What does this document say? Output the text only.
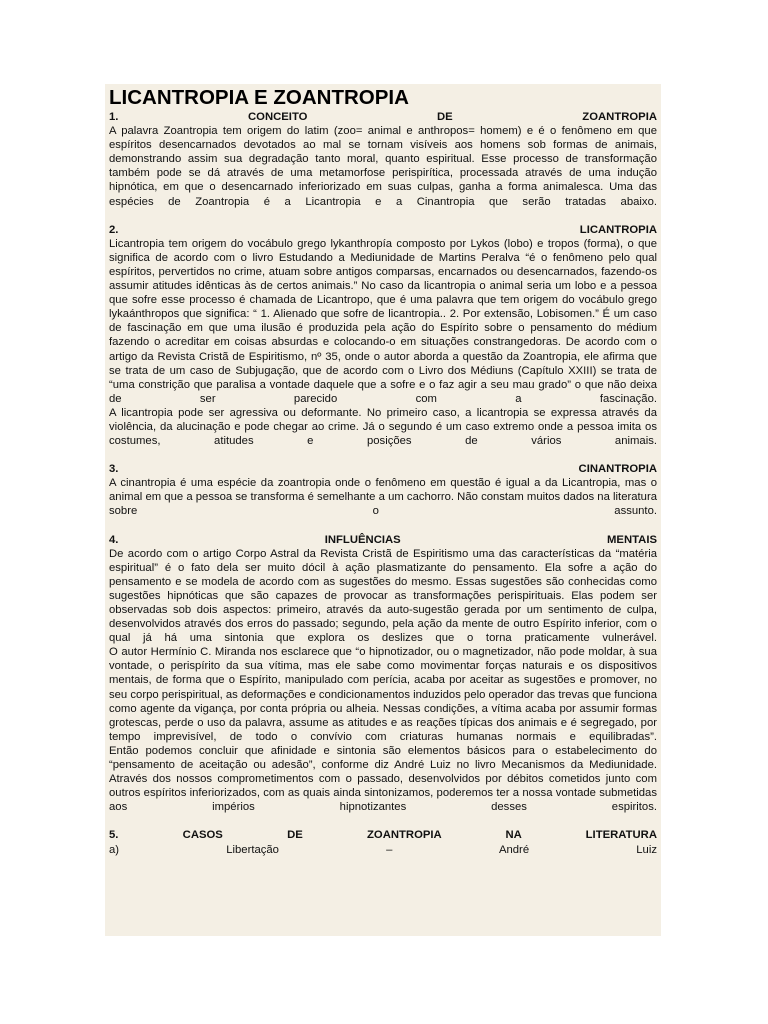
LICANTROPIA E ZOANTROPIA

1. CONCEITO DE ZOANTROPIA

A palavra Zoantropia tem origem do latim (zoo= animal e anthropos= homem) e é o fenômeno em que espíritos desencarnados devotados ao mal se tornam visíveis aos homens sob formas de animais, demonstrando assim sua degradação tanto moral, quanto espiritual. Esse processo de transformação também pode se dá através de uma metamorfose perispirítica, processada através de uma indução hipnótica, em que o desencarnado inferiorizado em suas culpas, ganha a forma animalesca. Uma das espécies de Zoantropia é a Licantropia e a Cinantropia que serão tratadas abaixo.

2. LICANTROPIA

Licantropia tem origem do vocábulo grego lykanthropía composto por Lykos (lobo) e tropos (forma), o que significa de acordo com o livro Estudando a Mediunidade de Martins Peralva “é o fenômeno pelo qual espíritos, pervertidos no crime, atuam sobre antigos comparsas, encarnados ou desencarnados, fazendo-os assumir atitudes idênticas às de certos animais.” No caso da licantropia o animal seria um lobo e a pessoa que sofre esse processo é chamada de Licantropo, que é uma palavra que tem origem do vocábulo grego lykaánthropos que significa: “ 1. Alienado que sofre de licantropia.. 2. Por extensão, Lobisomen.” É um caso de fascinação em que uma ilusão é produzida pela ação do Espírito sobre o pensamento do médium fazendo o acreditar em coisas absurdas e colocando-o em situações constrangedoras. De acordo com o artigo da Revista Cristã de Espiritismo, nº 35, onde o autor aborda a questão da Zoantropia, ele afirma que se trata de um caso de Subjugação, que de acordo com o Livro dos Médiuns (Capítulo XXIII) se trata de “uma constrição que paralisa a vontade daquele que a sofre e o faz agir a seu mau grado” o que não deixa de ser parecido com a fascinação.

A licantropia pode ser agressiva ou deformante. No primeiro caso, a licantropia se expressa através da violência, da alucinação e pode chegar ao crime. Já o segundo é um caso extremo onde a pessoa imita os costumes, atitudes e posições de vários animais.

3. CINANTROPIA

A cinantropia é uma espécie da zoantropia onde o fenômeno em questão é igual a da Licantropia, mas o animal em que a pessoa se transforma é semelhante a um cachorro. Não constam muitos dados na literatura sobre o assunto.

4. INFLUÊNCIAS MENTAIS

De acordo com o artigo Corpo Astral da Revista Cristã de Espiritismo uma das características da “matéria espiritual” é o fato dela ser muito dócil à ação plasmatizante do pensamento. Ela sofre a ação do pensamento e se modela de acordo com as sugestões do mesmo. Essas sugestões são conhecidas como sugestões hipnóticas que são capazes de provocar as transformações perispirituais. Elas podem ser observadas sob dois aspectos: primeiro, através da auto-sugestão gerada por um sentimento de culpa, desenvolvidos através dos erros do passado; segundo, pela ação da mente de outro Espírito inferior, com o qual já há uma sintonia que explora os deslizes que o torna praticamente vulnerável.

O autor Hermínio C. Miranda nos esclarece que “o hipnotizador, ou o magnetizador, não pode moldar, à sua vontade, o perispírito da sua vítima, mas ele sabe como movimentar forças naturais e os dispositivos mentais, de forma que o Espírito, manipulado com perícia, acaba por aceitar as sugestões e promover, no seu corpo perispiritual, as deformações e condicionamentos induzidos pelo operador das trevas que funciona como agente da vigança, por conta própria ou alheia. Nessas condições, a vítima acaba por assumir formas grotescas, perde o uso da palavra, assume as atitudes e as reações típicas dos animais e é segregado, por tempo imprevisível, de todo o convívio com criaturas humanas normais e equilibradas”.

Então podemos concluir que afinidade e sintonia são elementos básicos para o estabelecimento do “pensamento de aceitação ou adesão”, conforme diz André Luiz no livro Mecanismos da Mediunidade. Através dos nossos comprometimentos com o passado, desenvolvidos por débitos cometidos junto com outros espíritos inferiorizados, com as quais ainda sintonizamos, poderemos ter a nossa vontade submetidas aos impérios hipnotizantes desses espiritos.

5. CASOS DE ZOANTROPIA NA LITERATURA

a) Libertação – André Luiz
